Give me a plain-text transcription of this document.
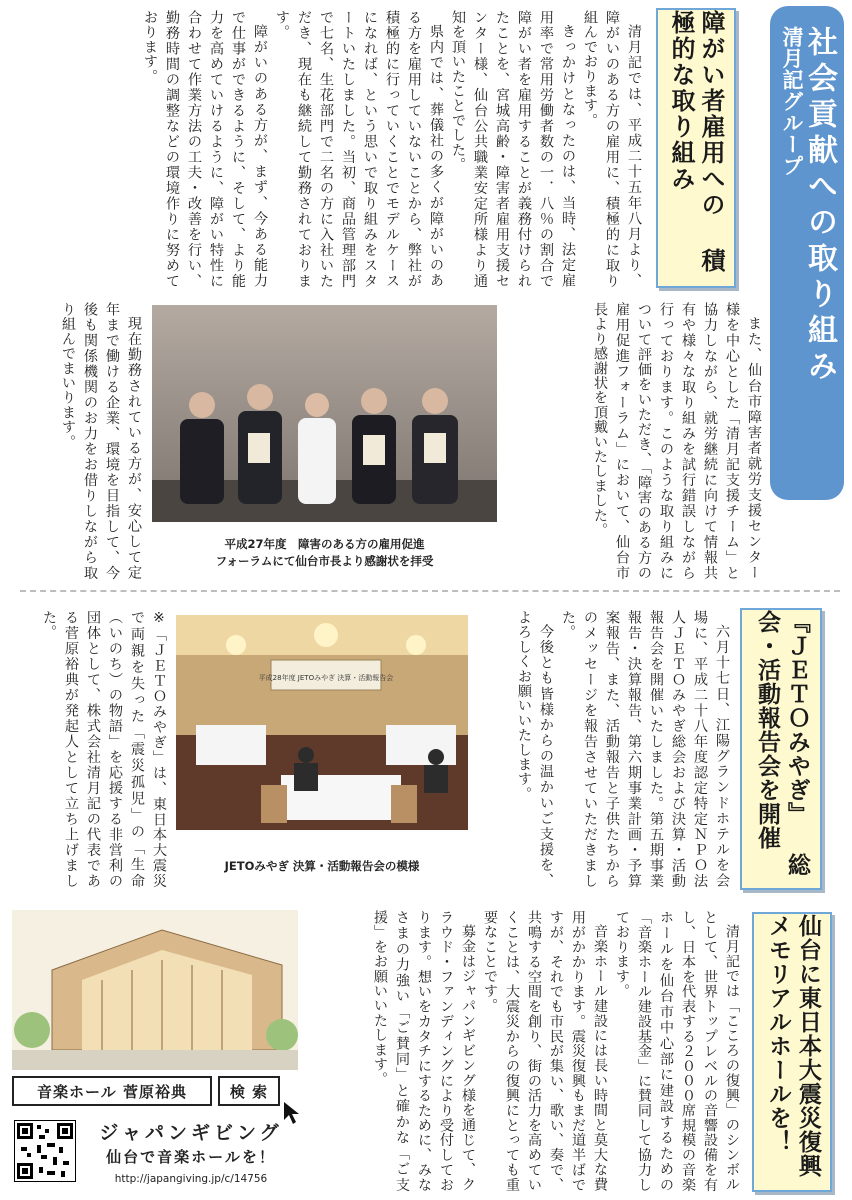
清月記グループ
社会貢献への取り組み
障がい者雇用への 積極的な取り組み

清月記では、平成二十五年八月より、障がいのある方の雇用に、積極的に取り組んでおります。

きっかけとなったのは、当時、法定雇用率で常用労働者数の一．八％の割合で障がい者を雇用することが義務付けられたことを、宮城高齢・障害者雇用支援センター様、仙台公共職業安定所様より通知を頂いたことでした。

県内では、葬儀社の多くが障がいのある方を雇用していないことから、弊社が積極的に行っていくことでモデルケースになれば、という思いで取り組みをスタートいたしました。当初、商品管理部門で七名、生花部門で二名の方に入社いただき、現在も継続して勤務されております。

障がいのある方が、まず、今ある能力で仕事ができるように、そして、より能力を高めていけるように、障がい特性に合わせて作業方法の工夫・改善を行い、勤務時間の調整などの環境作りに努めております。

また、仙台市障害者就労支援センター様を中心とした「清月記支援チーム」と協力しながら、就労継続に向けて情報共有や様々な取り組みを試行錯誤しながら行っております。このような取り組みについて評価をいただき、「障害のある方の雇用促進フォーラム」において、仙台市長より感謝状を頂戴いたしました。

平成27年度　障害のある方の雇用促進
フォーラムにて仙台市長より感謝状を拝受

現在勤務されている方が、安心して定年まで働ける企業、環境を目指して、今後も関係機関のお力をお借りしながら取り組んでまいります。

『ＪＥＴＯみやぎ』 総会・活動報告会を開催

六月十七日、江陽グランドホテルを会場に、平成二十八年度認定特定ＮＰＯ法人ＪＥＴＯみやぎ総会および決算・活動報告会を開催いたしました。第五期事業報告・決算報告、第六期事業計画・予算案報告、また、活動報告と子供たちからのメッセージを報告させていただきました。

今後とも皆様からの温かいご支援を、よろしくお願いいたします。

平成28年度 JETOみやぎ 決算・活動報告会
JETOみやぎ 決算・活動報告会の模様

※「ＪＥＴＯみやぎ」は、東日本大震災で両親を失った「震災孤児」の「生命（いのち）の物語」を応援する非営利の団体として、株式会社清月記の代表である菅原裕典が発起人として立ち上げました。

仙台に東日本大震災復興 メモリアルホールを！

清月記では「こころの復興」のシンボルとして、世界トップレベルの音響設備を有し、日本を代表する２０００席規模の音楽ホールを仙台市中心部に建設するための「音楽ホール建設基金」に賛同して協力しております。

音楽ホール建設には長い時間と莫大な費用がかかります。震災復興もまだ道半ばですが、それでも市民が集い、歌い、奏で、共鳴する空間を創り、街の活力を高めていくことは、大震災からの復興にとっても重要なことです。

募金はジャパンギビング様を通じて、クラウド・ファンディングにより受付しております。想いをカタチにするために、みなさまの力強い「ご賛同」と確かな「ご支援」をお願いいたします。

音楽ホール 菅原裕典	検 索
ジャパンギビング
仙台で音楽ホールを！
http://japangiving.jp/c/14756
